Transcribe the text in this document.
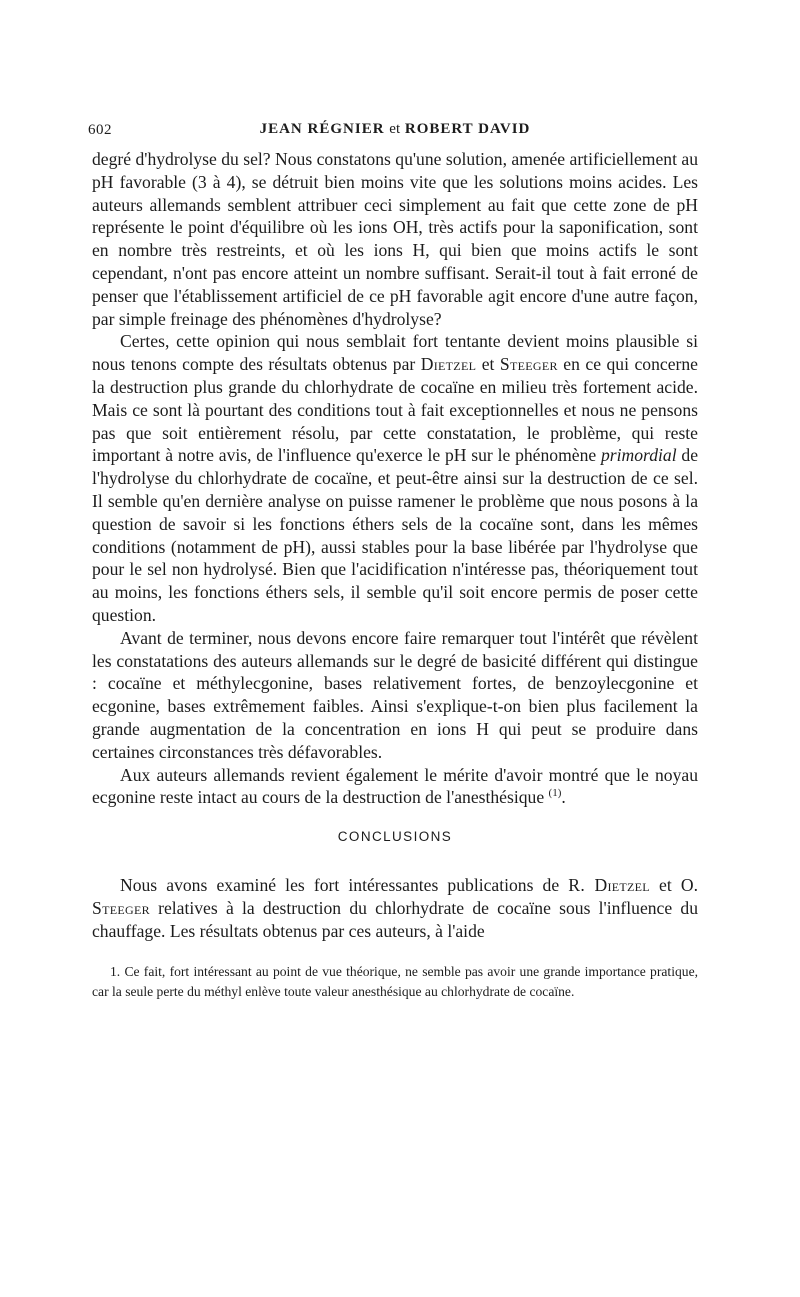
602	JEAN RÉGNIER et ROBERT DAVID

degré d'hydrolyse du sel? Nous constatons qu'une solution, amenée artificiellement au pH favorable (3 à 4), se détruit bien moins vite que les solutions moins acides. Les auteurs allemands semblent attribuer ceci simplement au fait que cette zone de pH représente le point d'équilibre où les ions OH, très actifs pour la saponification, sont en nombre très restreints, et où les ions H, qui bien que moins actifs le sont cependant, n'ont pas encore atteint un nombre suffisant. Serait-il tout à fait erroné de penser que l'établissement artificiel de ce pH favorable agit encore d'une autre façon, par simple freinage des phénomènes d'hydrolyse?

Certes, cette opinion qui nous semblait fort tentante devient moins plausible si nous tenons compte des résultats obtenus par Dietzel et Steeger en ce qui concerne la destruction plus grande du chlorhydrate de cocaïne en milieu très fortement acide. Mais ce sont là pourtant des conditions tout à fait exceptionnelles et nous ne pensons pas que soit entièrement résolu, par cette constatation, le problème, qui reste important à notre avis, de l'influence qu'exerce le pH sur le phénomène primordial de l'hydrolyse du chlorhydrate de cocaïne, et peut-être ainsi sur la destruction de ce sel. Il semble qu'en dernière analyse on puisse ramener le problème que nous posons à la question de savoir si les fonctions éthers sels de la cocaïne sont, dans les mêmes conditions (notamment de pH), aussi stables pour la base libérée par l'hydrolyse que pour le sel non hydrolysé. Bien que l'acidification n'intéresse pas, théoriquement tout au moins, les fonctions éthers sels, il semble qu'il soit encore permis de poser cette question.

Avant de terminer, nous devons encore faire remarquer tout l'intérêt que révèlent les constatations des auteurs allemands sur le degré de basicité différent qui distingue : cocaïne et méthylecgonine, bases relativement fortes, de benzoylecgonine et ecgonine, bases extrêmement faibles. Ainsi s'explique-t-on bien plus facilement la grande augmentation de la concentration en ions H qui peut se produire dans certaines circonstances très défavorables.

Aux auteurs allemands revient également le mérite d'avoir montré que le noyau ecgonine reste intact au cours de la destruction de l'anesthésique $^{(1)}$.

CONCLUSIONS

Nous avons examiné les fort intéressantes publications de R. Dietzel et O. Steeger relatives à la destruction du chlorhydrate de cocaïne sous l'influence du chauffage. Les résultats obtenus par ces auteurs, à l'aide

1. Ce fait, fort intéressant au point de vue théorique, ne semble pas avoir une grande importance pratique, car la seule perte du méthyl enlève toute valeur anesthésique au chlorhydrate de cocaïne.
